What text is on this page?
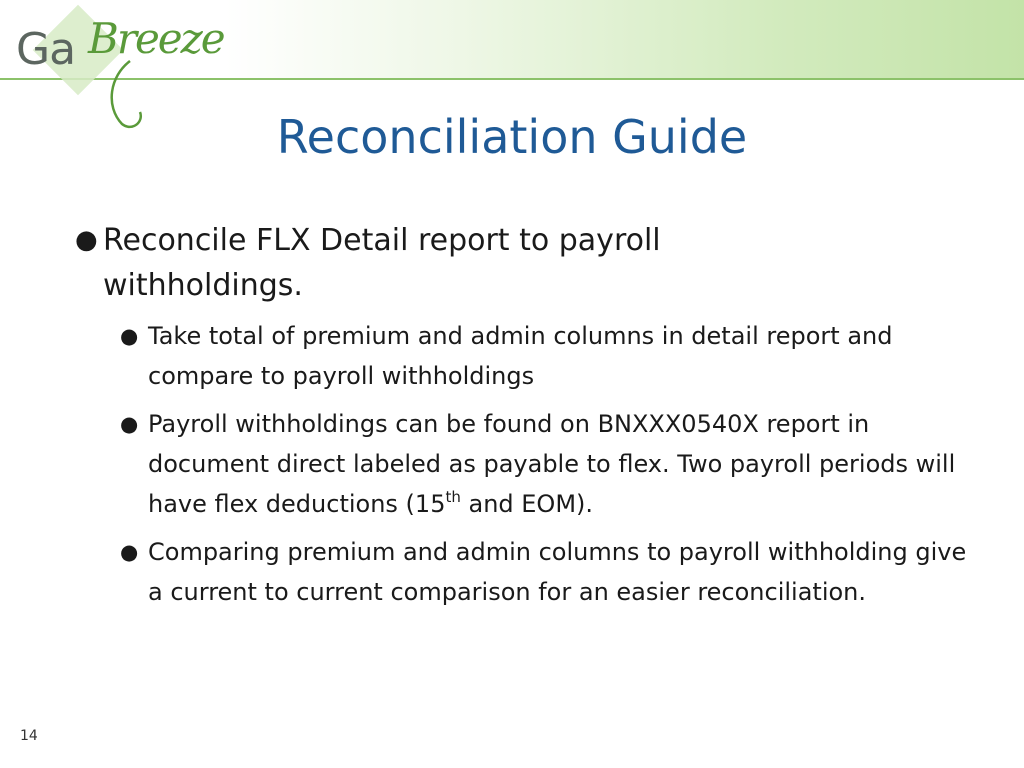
Ga Breeze
Reconciliation Guide
● Reconcile FLX Detail report to payroll withholdings.
● Take total of premium and admin columns in detail report and compare to payroll withholdings
● Payroll withholdings can be found on BNXXX0540X report in document direct labeled as payable to flex. Two payroll periods will have flex deductions (15th and EOM).
● Comparing premium and admin columns to payroll withholding give a current to current comparison for an easier reconciliation.
14
